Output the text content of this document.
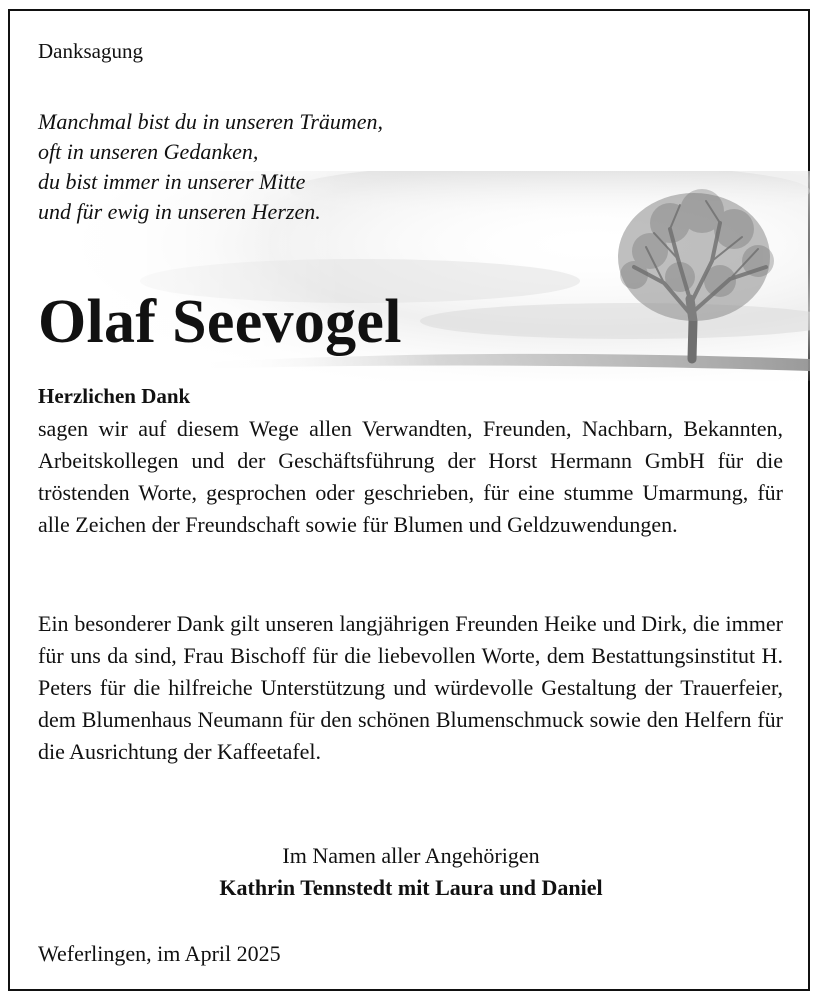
Danksagung
Manchmal bist du in unseren Träumen,
oft in unseren Gedanken,
du bist immer in unserer Mitte
und für ewig in unseren Herzen.
Olaf Seevogel
Herzlichen Dank
sagen wir auf diesem Wege allen Verwandten, Freunden, Nachbarn, Bekannten, Arbeitskollegen und der Geschäftsführung der Horst Hermann GmbH für die tröstenden Worte, gesprochen oder geschrieben, für eine stumme Umarmung, für alle Zeichen der Freundschaft sowie für Blumen und Geldzuwendungen.
Ein besonderer Dank gilt unseren langjährigen Freunden Heike und Dirk, die immer für uns da sind, Frau Bischoff für die liebevollen Worte, dem Bestattungsinstitut H. Peters für die hilfreiche Unterstützung und würdevolle Gestaltung der Trauerfeier, dem Blumenhaus Neumann für den schönen Blumenschmuck sowie den Helfern für die Ausrichtung der Kaffeetafel.
Im Namen aller Angehörigen
Kathrin Tennstedt mit Laura und Daniel
Weferlingen, im April 2025
